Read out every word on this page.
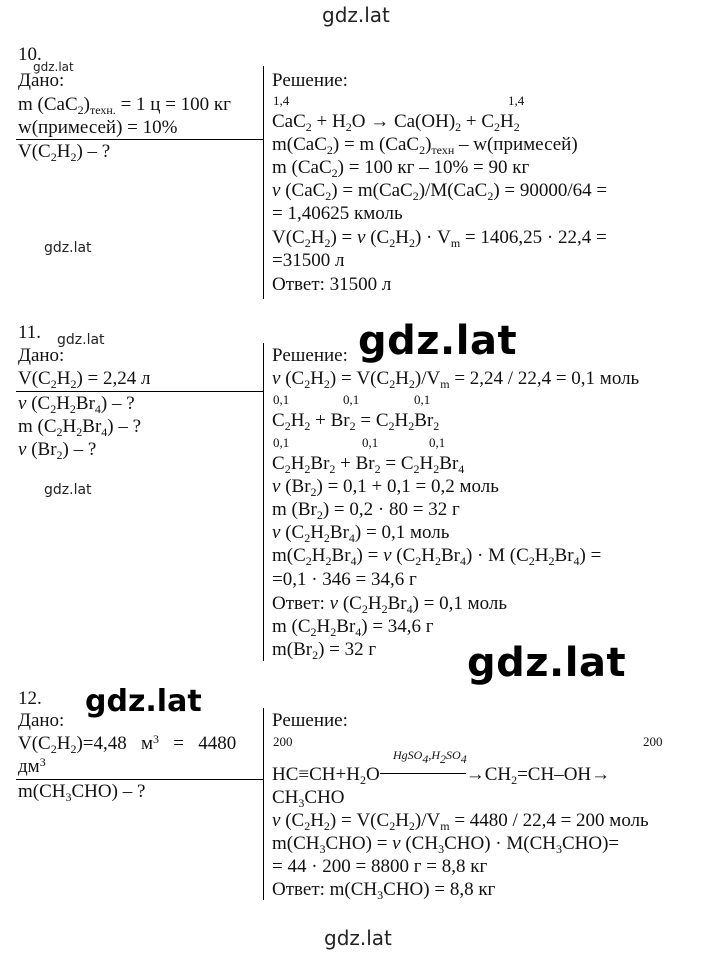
gdz.lat
gdz.lat
gdz.lat
gdz.lat	gdz.lat
gdz.lat
gdz.lat
gdz.lat
gdz.lat
10.
Дано:
m $(CaC_2)_{техн.} = 1$ ц = 100 кг
w(примесей) = 10%
$V(C_2H_2)$ – ?
Решение:
1,4	1,4
$CaC_2 + H_2O \to Ca(OH)_2 + C_2H_2$
m(CaC$_2$) = m $(CaC_2)_{техн}$ – w(примесей)
m (CaC$_2$) = 100 кг – 10% = 90 кг
ν (CaC$_2$) = m(CaC$_2$)/M(CaC$_2$) = 90000/64 =
= 1,40625 кмоль
$V(C_2H_2) = \nu$ $(C_2H_2) \cdot V_m = 1406,25 \cdot 22,4$ =
=31500 л
Ответ: 31500 л
11.
Дано:
$V(C_2H_2) = 2,24$ л
ν $(C_2H_2Br_4)$ – ?
m $(C_2H_2Br_4)$ – ?
ν $(Br_2)$ – ?
Решение:
ν $(C_2H_2) = V(C_2H_2)/V_m = 2,24 / 22,4 = 0,1$ моль
0,1	0,1	0,1
$C_2H_2 + Br_2 = C_2H_2Br_2$
0,1	0,1	0,1
$C_2H_2Br_2 + Br_2 = C_2H_2Br_4$
ν $(Br_2) = 0,1 + 0,1 = 0,2$ моль
m $(Br_2) = 0,2 \cdot 80 = 32$ г
ν $(C_2H_2Br_4) = 0,1$ моль
$m(C_2H_2Br_4) = \nu$ $(C_2H_2Br_4) \cdot M$ $(C_2H_2Br_4)$ =
=0,1 · 346 = 34,6 г
Ответ: ν $(C_2H_2Br_4) = 0,1$ моль
m $(C_2H_2Br_4) = 34,6$ г
$m(Br_2) = 32$ г
12.
Дано:
$V(C_2H_2)=4,48$   $м^3 = 4480$
$дм^3$
$m(CH_3CHO)$ – ?
Решение:
200	200
$HgSO_4,H_2SO_4$
$HC\equiv CH+H_2O$	$\to CH_2=CH-OH\to$
$CH_3CHO$
ν $(C_2H_2) = V(C_2H_2)/V_m = 4480 / 22,4 = 200$ моль
$m(CH_3CHO) = \nu$ $(CH_3CHO) \cdot M(CH_3CHO)=$
= 44 · 200 = 8800 г = 8,8 кг
Ответ: $m(CH_3CHO) = 8,8$ кг
